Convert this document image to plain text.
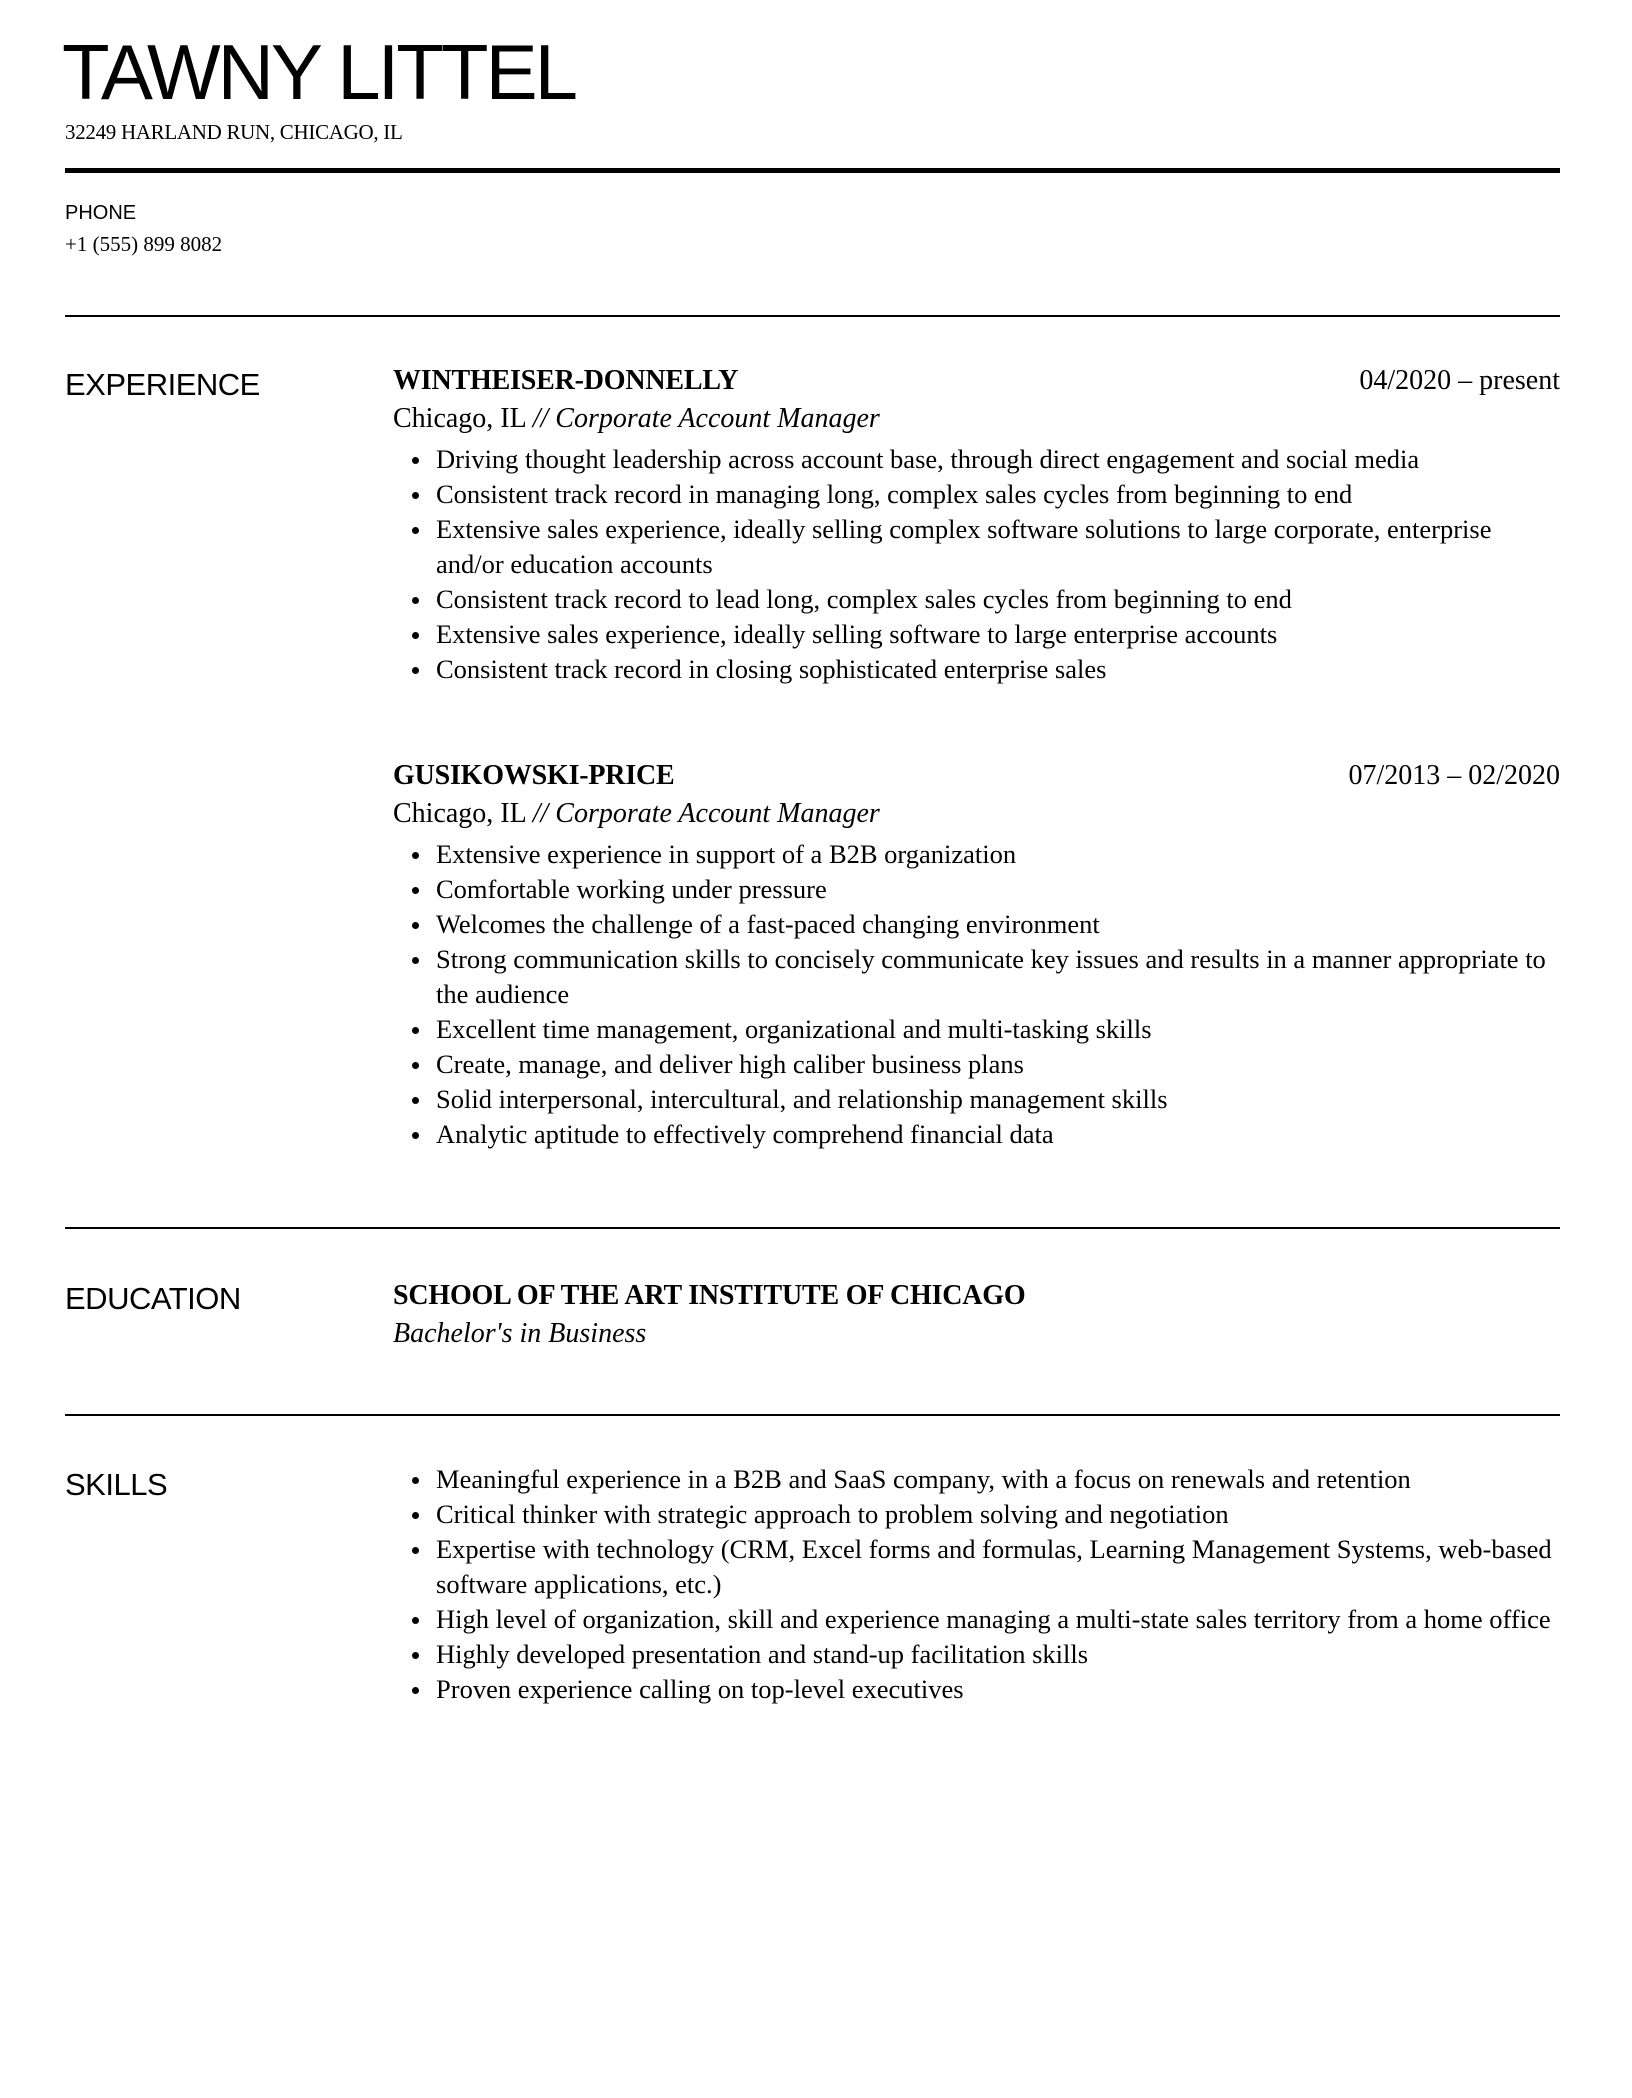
TAWNY LITTEL
32249 HARLAND RUN, CHICAGO, IL
PHONE
+1 (555) 899 8082
EXPERIENCE	WINTHEISER-DONNELLY	04/2020 – present
Chicago, IL // Corporate Account Manager
Driving thought leadership across account base, through direct engagement and social media
Consistent track record in managing long, complex sales cycles from beginning to end
Extensive sales experience, ideally selling complex software solutions to large corporate, enterprise and/or education accounts
Consistent track record to lead long, complex sales cycles from beginning to end
Extensive sales experience, ideally selling software to large enterprise accounts
Consistent track record in closing sophisticated enterprise sales
GUSIKOWSKI-PRICE	07/2013 – 02/2020
Chicago, IL // Corporate Account Manager
Extensive experience in support of a B2B organization
Comfortable working under pressure
Welcomes the challenge of a fast-paced changing environment
Strong communication skills to concisely communicate key issues and results in a manner appropriate to the audience
Excellent time management, organizational and multi-tasking skills
Create, manage, and deliver high caliber business plans
Solid interpersonal, intercultural, and relationship management skills
Analytic aptitude to effectively comprehend financial data
EDUCATION	SCHOOL OF THE ART INSTITUTE OF CHICAGO
Bachelor's in Business
SKILLS	Meaningful experience in a B2B and SaaS company, with a focus on renewals and retention
Critical thinker with strategic approach to problem solving and negotiation
Expertise with technology (CRM, Excel forms and formulas, Learning Management Systems, web-based software applications, etc.)
High level of organization, skill and experience managing a multi-state sales territory from a home office
Highly developed presentation and stand-up facilitation skills
Proven experience calling on top-level executives
